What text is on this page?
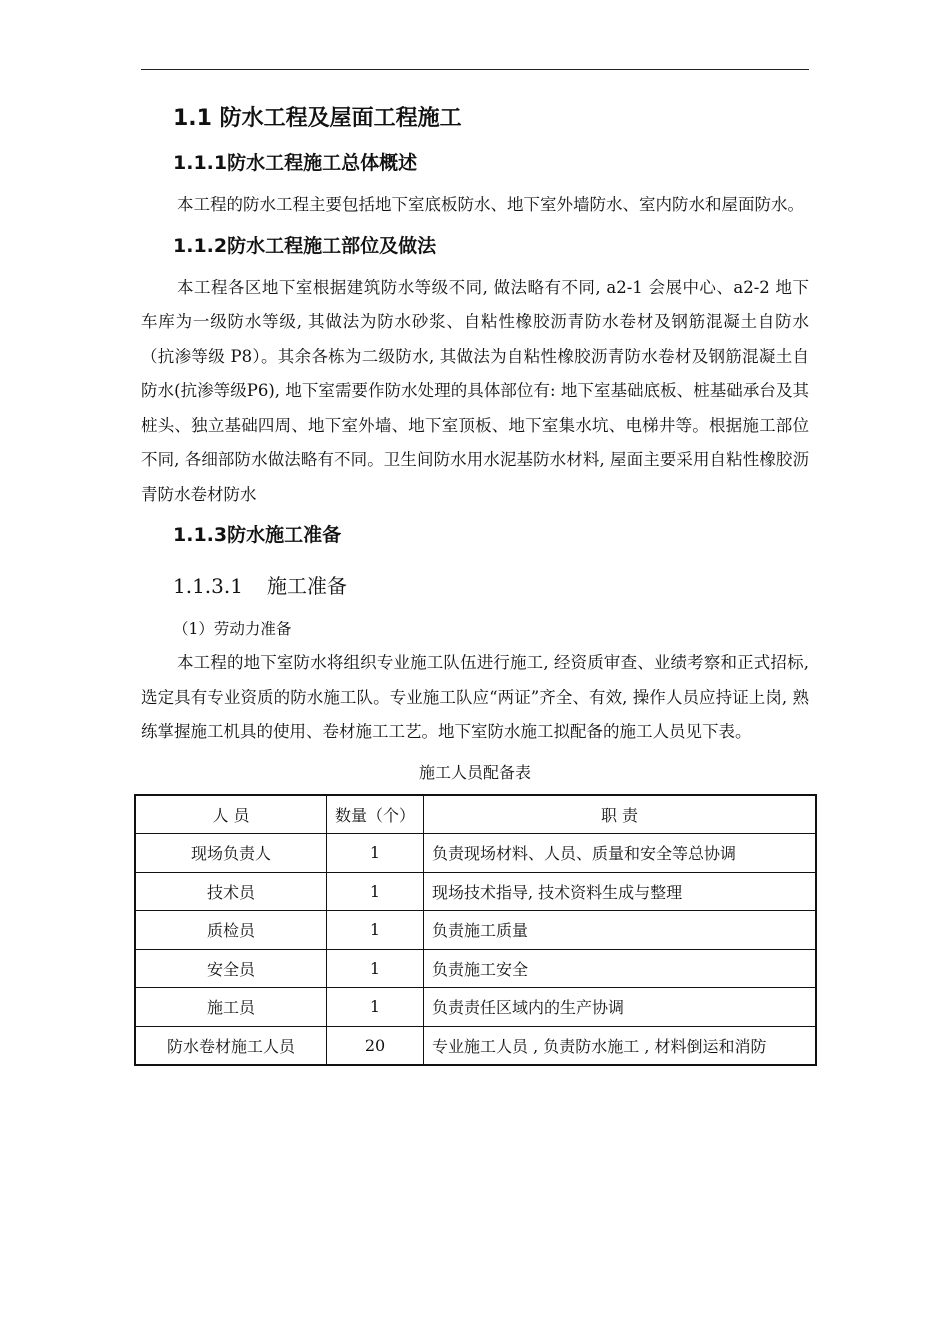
1.1 防水工程及屋面工程施工
1.1.1防水工程施工总体概述

本工程的防水工程主要包括地下室底板防水、地下室外墙防水、室内防水和屋面防水。

1.1.2防水工程施工部位及做法

本工程各区地下室根据建筑防水等级不同, 做法略有不同, a2-1 会展中心、a2-2 地下车库为一级防水等级, 其做法为防水砂浆、自粘性橡胶沥青防水卷材及钢筋混凝土自防水（抗渗等级 P8）。其余各栋为二级防水, 其做法为自粘性橡胶沥青防水卷材及钢筋混凝土自防水(抗渗等级P6), 地下室需要作防水处理的具体部位有: 地下室基础底板、桩基础承台及其桩头、独立基础四周、地下室外墙、地下室顶板、地下室集水坑、电梯井等。根据施工部位不同, 各细部防水做法略有不同。卫生间防水用水泥基防水材料, 屋面主要采用自粘性橡胶沥青防水卷材防水

1.1.3防水施工准备
1.1.3.1 施工准备
（1）劳动力准备

本工程的地下室防水将组织专业施工队伍进行施工, 经资质审查、业绩考察和正式招标, 选定具有专业资质的防水施工队。专业施工队应“两证”齐全、有效, 操作人员应持证上岗, 熟练掌握施工机具的使用、卷材施工工艺。地下室防水施工拟配备的施工人员见下表。

施工人员配备表
人 员	数量（个）	职 责
现场负责人	1	负责现场材料、人员、质量和安全等总协调
技术员	1	现场技术指导, 技术资料生成与整理
质检员	1	负责施工质量
安全员	1	负责施工安全
施工员	1	负责责任区域内的生产协调
防水卷材施工人员	20	专业施工人员 , 负责防水施工 , 材料倒运和消防
